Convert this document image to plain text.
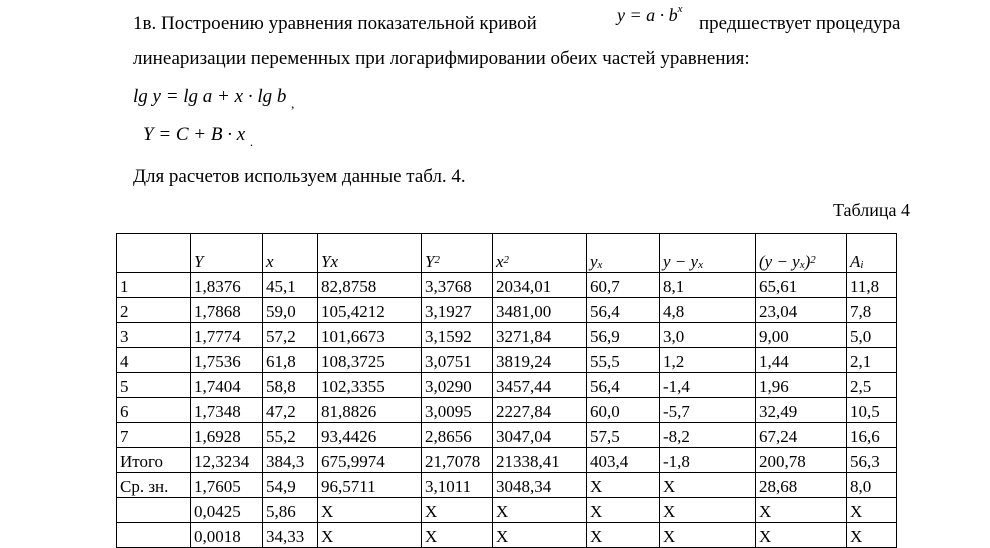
1в. Построению уравнения показательной кривой	$y = a \cdot b^x$
предшествует процедура
линеаризации переменных при логарифмировании обеих частей уравнения:
lg y = lg a + x · lg b $_,$
Y = C + B · x $_.$
Для расчетов используем данные табл. 4.
Таблица 4
	Y	x	Yx	$Y^2$	$x^2$	yx	y − yx	(y − yx)$^2$	Ai
1	1,8376	45,1	82,8758	3,3768	2034,01	60,7	8,1	65,61	11,8
2	1,7868	59,0	105,4212	3,1927	3481,00	56,4	4,8	23,04	7,8
3	1,7774	57,2	101,6673	3,1592	3271,84	56,9	3,0	9,00	5,0
4	1,7536	61,8	108,3725	3,0751	3819,24	55,5	1,2	1,44	2,1
5	1,7404	58,8	102,3355	3,0290	3457,44	56,4	-1,4	1,96	2,5
6	1,7348	47,2	81,8826	3,0095	2227,84	60,0	-5,7	32,49	10,5
7	1,6928	55,2	93,4426	2,8656	3047,04	57,5	-8,2	67,24	16,6
Итого	12,3234	384,3	675,9974	21,7078	21338,41	403,4	-1,8	200,78	56,3
Ср. зн.	1,7605	54,9	96,5711	3,1011	3048,34	X	X	28,68	8,0
	0,0425	5,86	X	X	X	X	X	X	X
	0,0018	34,33	X	X	X	X	X	X	X
